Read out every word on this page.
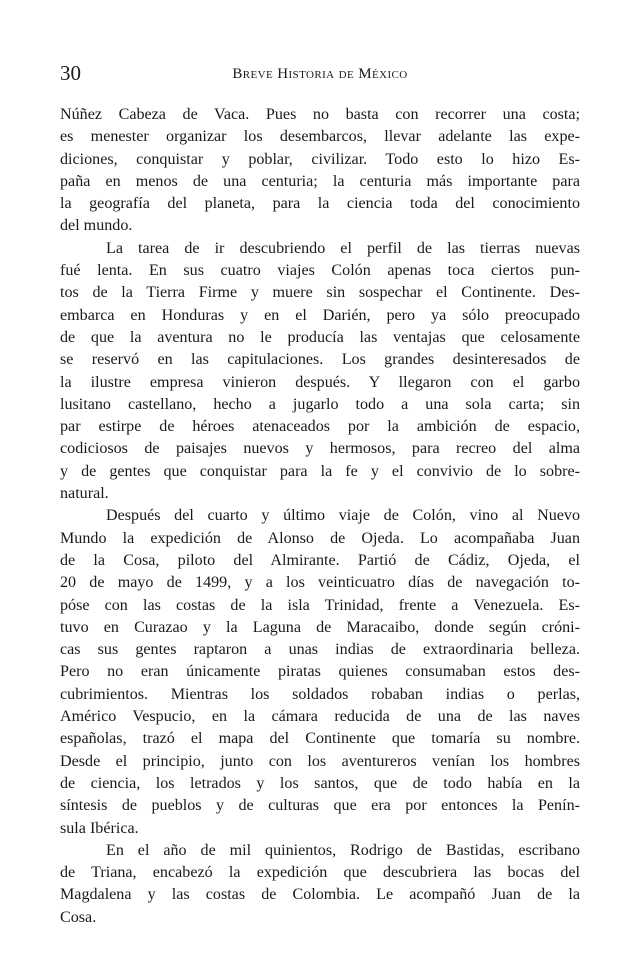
30	Breve Historia de México
Núñez Cabeza de Vaca. Pues no basta con recorrer una costa;
es menester organizar los desembarcos, llevar adelante las expe-
diciones, conquistar y poblar, civilizar. Todo esto lo hizo Es-
paña en menos de una centuria; la centuria más importante para
la geografía del planeta, para la ciencia toda del conocimiento
del mundo.
La tarea de ir descubriendo el perfil de las tierras nuevas
fué lenta. En sus cuatro viajes Colón apenas toca ciertos pun-
tos de la Tierra Firme y muere sin sospechar el Continente. Des-
embarca en Honduras y en el Darién, pero ya sólo preocupado
de que la aventura no le producía las ventajas que celosamente
se reservó en las capitulaciones. Los grandes desinteresados de
la ilustre empresa vinieron después. Y llegaron con el garbo
lusitano castellano, hecho a jugarlo todo a una sola carta; sin
par estirpe de héroes atenaceados por la ambición de espacio,
codiciosos de paisajes nuevos y hermosos, para recreo del alma
y de gentes que conquistar para la fe y el convivio de lo sobre-
natural.
Después del cuarto y último viaje de Colón, vino al Nuevo
Mundo la expedición de Alonso de Ojeda. Lo acompañaba Juan
de la Cosa, piloto del Almirante. Partió de Cádiz, Ojeda, el
20 de mayo de 1499, y a los veinticuatro días de navegación to-
póse con las costas de la isla Trinidad, frente a Venezuela. Es-
tuvo en Curazao y la Laguna de Maracaibo, donde según cróni-
cas sus gentes raptaron a unas indias de extraordinaria belleza.
Pero no eran únicamente piratas quienes consumaban estos des-
cubrimientos. Mientras los soldados robaban indias o perlas,
Américo Vespucio, en la cámara reducida de una de las naves
españolas, trazó el mapa del Continente que tomaría su nombre.
Desde el principio, junto con los aventureros venían los hombres
de ciencia, los letrados y los santos, que de todo había en la
síntesis de pueblos y de culturas que era por entonces la Penín-
sula Ibérica.
En el año de mil quinientos, Rodrigo de Bastidas, escribano
de Triana, encabezó la expedición que descubriera las bocas del
Magdalena y las costas de Colombia. Le acompañó Juan de la
Cosa.
